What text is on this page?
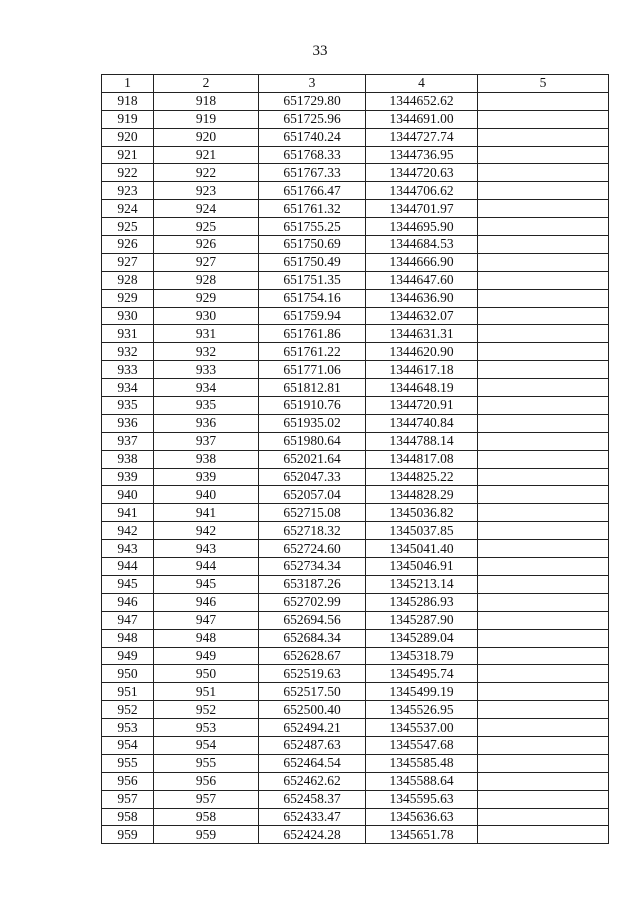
33
1	2	3	4	5
918	918	651729.80	1344652.62	
919	919	651725.96	1344691.00	
920	920	651740.24	1344727.74	
921	921	651768.33	1344736.95	
922	922	651767.33	1344720.63	
923	923	651766.47	1344706.62	
924	924	651761.32	1344701.97	
925	925	651755.25	1344695.90	
926	926	651750.69	1344684.53	
927	927	651750.49	1344666.90	
928	928	651751.35	1344647.60	
929	929	651754.16	1344636.90	
930	930	651759.94	1344632.07	
931	931	651761.86	1344631.31	
932	932	651761.22	1344620.90	
933	933	651771.06	1344617.18	
934	934	651812.81	1344648.19	
935	935	651910.76	1344720.91	
936	936	651935.02	1344740.84	
937	937	651980.64	1344788.14	
938	938	652021.64	1344817.08	
939	939	652047.33	1344825.22	
940	940	652057.04	1344828.29	
941	941	652715.08	1345036.82	
942	942	652718.32	1345037.85	
943	943	652724.60	1345041.40	
944	944	652734.34	1345046.91	
945	945	653187.26	1345213.14	
946	946	652702.99	1345286.93	
947	947	652694.56	1345287.90	
948	948	652684.34	1345289.04	
949	949	652628.67	1345318.79	
950	950	652519.63	1345495.74	
951	951	652517.50	1345499.19	
952	952	652500.40	1345526.95	
953	953	652494.21	1345537.00	
954	954	652487.63	1345547.68	
955	955	652464.54	1345585.48	
956	956	652462.62	1345588.64	
957	957	652458.37	1345595.63	
958	958	652433.47	1345636.63	
959	959	652424.28	1345651.78	
